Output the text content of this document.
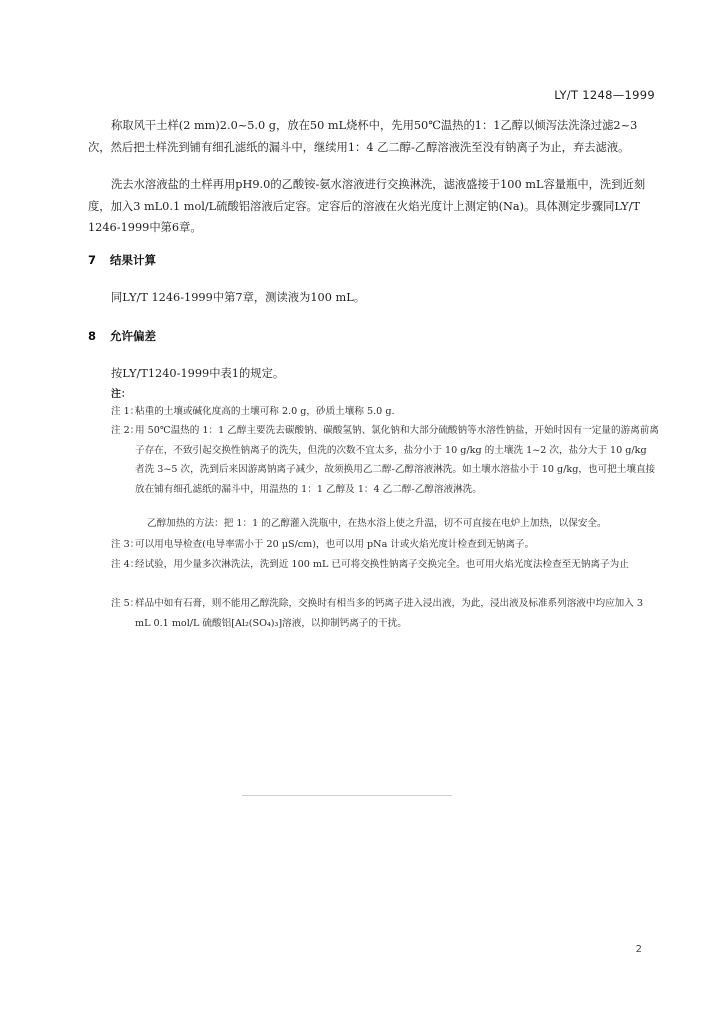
LY/T 1248—1999

称取风干土样(2 mm)2.0~5.0 g，放在50 mL烧杯中，先用50℃温热的1：1乙醇以倾泻法洗涤过滤2~3次，然后把土样洗到铺有细孔滤纸的漏斗中，继续用1：4 乙二醇-乙醇溶液洗至没有钠离子为止，弃去滤液。

洗去水溶液盐的土样再用pH9.0的乙酸铵-氨水溶液进行交换淋洗，滤液盛接于100 mL容量瓶中，洗到近刻度，加入3 mL0.1 mol/L硫酸铝溶液后定容。定容后的溶液在火焰光度计上测定钠(Na)。具体测定步骤同LY/T 1246-1999中第6章。

7 结果计算

同LY/T 1246-1999中第7章，测读液为100 mL。

8 允许偏差

按LY/T1240-1999中表1的规定。

注：
注 1：
粘重的土壤或碱化度高的土壤可称 2.0 g，砂质土壤称 5.0 g.
注 2：
用 50℃温热的 1：1 乙醇主要洗去碳酸钠、碳酸氢钠、氯化钠和大部分硫酸钠等水溶性钠盐，开始时因有一定量的游离前离子存在，不致引起交换性钠离子的洗失，但洗的次数不宜太多，盐分小于 10 g/kg 的土壤洗 1~2 次，盐分大于 10 g/kg 者洗 3~5 次，洗到后来因游离钠离子减少，故须换用乙二醇-乙醇溶液淋洗。如土壤水溶盐小于 10 g/kg，也可把土壤直接放在铺有细孔滤纸的漏斗中，用温热的 1：1 乙醇及 1：4 乙二醇-乙醇溶液淋洗。

乙醇加热的方法：把 1：1 的乙醇灌入洗瓶中，在热水浴上使之升温，切不可直接在电炉上加热，以保安全。

注 3：
可以用电导检查(电导率需小于 20 μS/cm)，也可以用 pNa 计或火焰光度计检查到无钠离子。
注 4：
经试验，用少量多次淋洗法，洗到近 100 mL 已可将交换性钠离子交换完全。也可用火焰光度法检查至无钠离子为止
注 5：
样品中如有石膏，则不能用乙醇洗除，交换时有相当多的钙离子进入浸出液，为此，浸出液及标准系列溶液中均应加入 3 mL 0.1 mol/L 硫酸铝[Al₂(SO₄)₃]溶液，以抑制钙离子的干扰。
2
